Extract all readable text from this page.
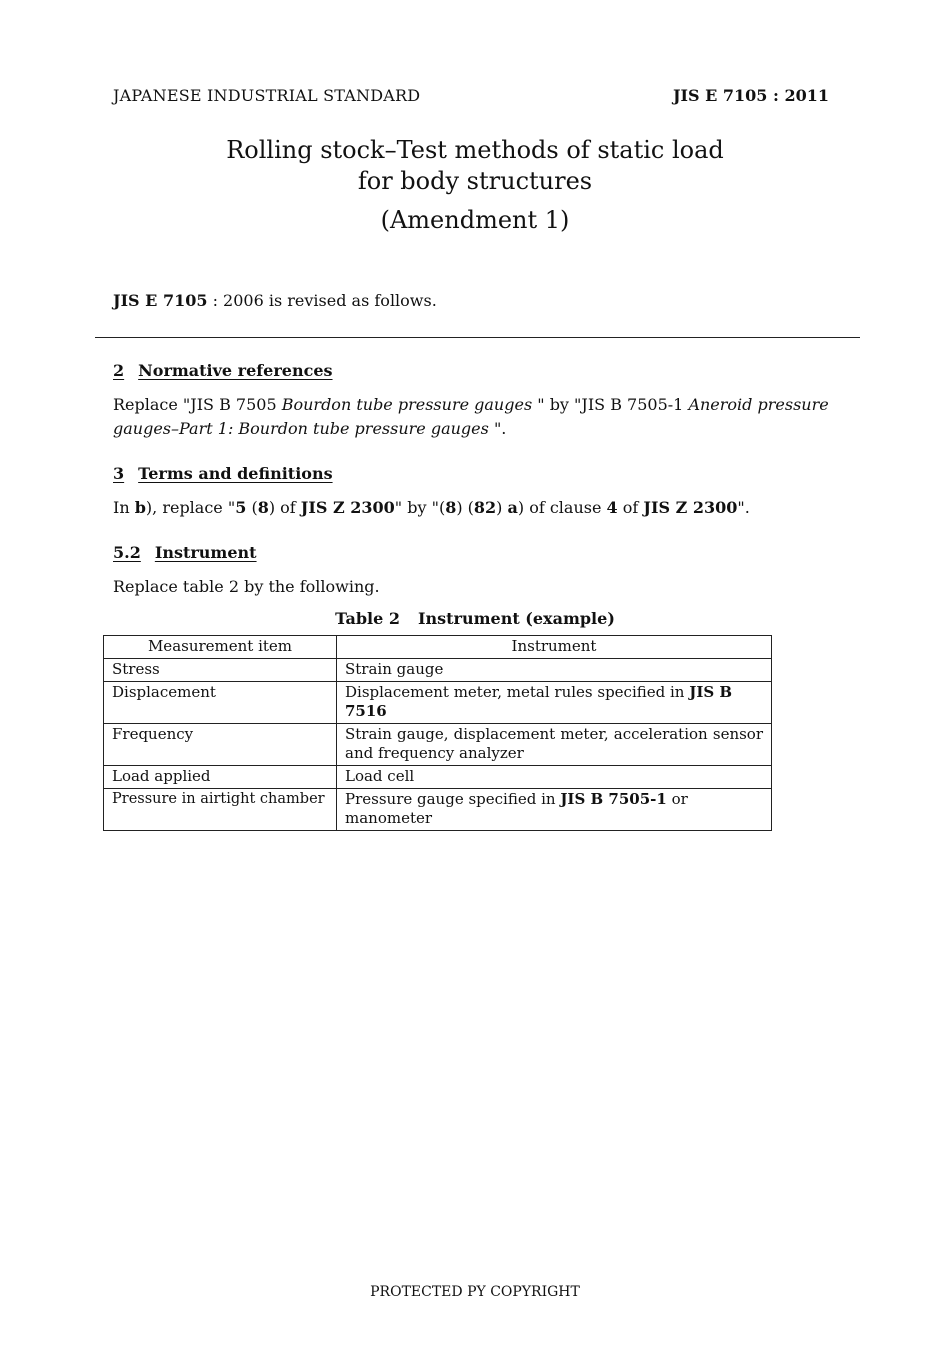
JAPANESE INDUSTRIAL STANDARD	JIS E 7105 : 2011
Rolling stock–Test methods of static load
for body structures
(Amendment 1)
JIS E 7105 : 2006 is revised as follows.
2 Normative references
Replace "JIS B 7505 Bourdon tube pressure gauges " by "JIS B 7505-1 Aneroid pressure gauges–Part 1: Bourdon tube pressure gauges ".
3 Terms and definitions
In b), replace "5 (8) of JIS Z 2300" by "(8) (82) a) of clause 4 of JIS Z 2300".
5.2 Instrument
Replace table 2 by the following.
Table 2 Instrument (example)
Measurement item	Instrument
Stress	Strain gauge
Displacement	Displacement meter, metal rules specified in JIS B 7516
Frequency	Strain gauge, displacement meter, acceleration sensor and frequency analyzer
Load applied	Load cell
Pressure in airtight chamber	Pressure gauge specified in JIS B 7505-1 or manometer
PROTECTED PY COPYRIGHT
